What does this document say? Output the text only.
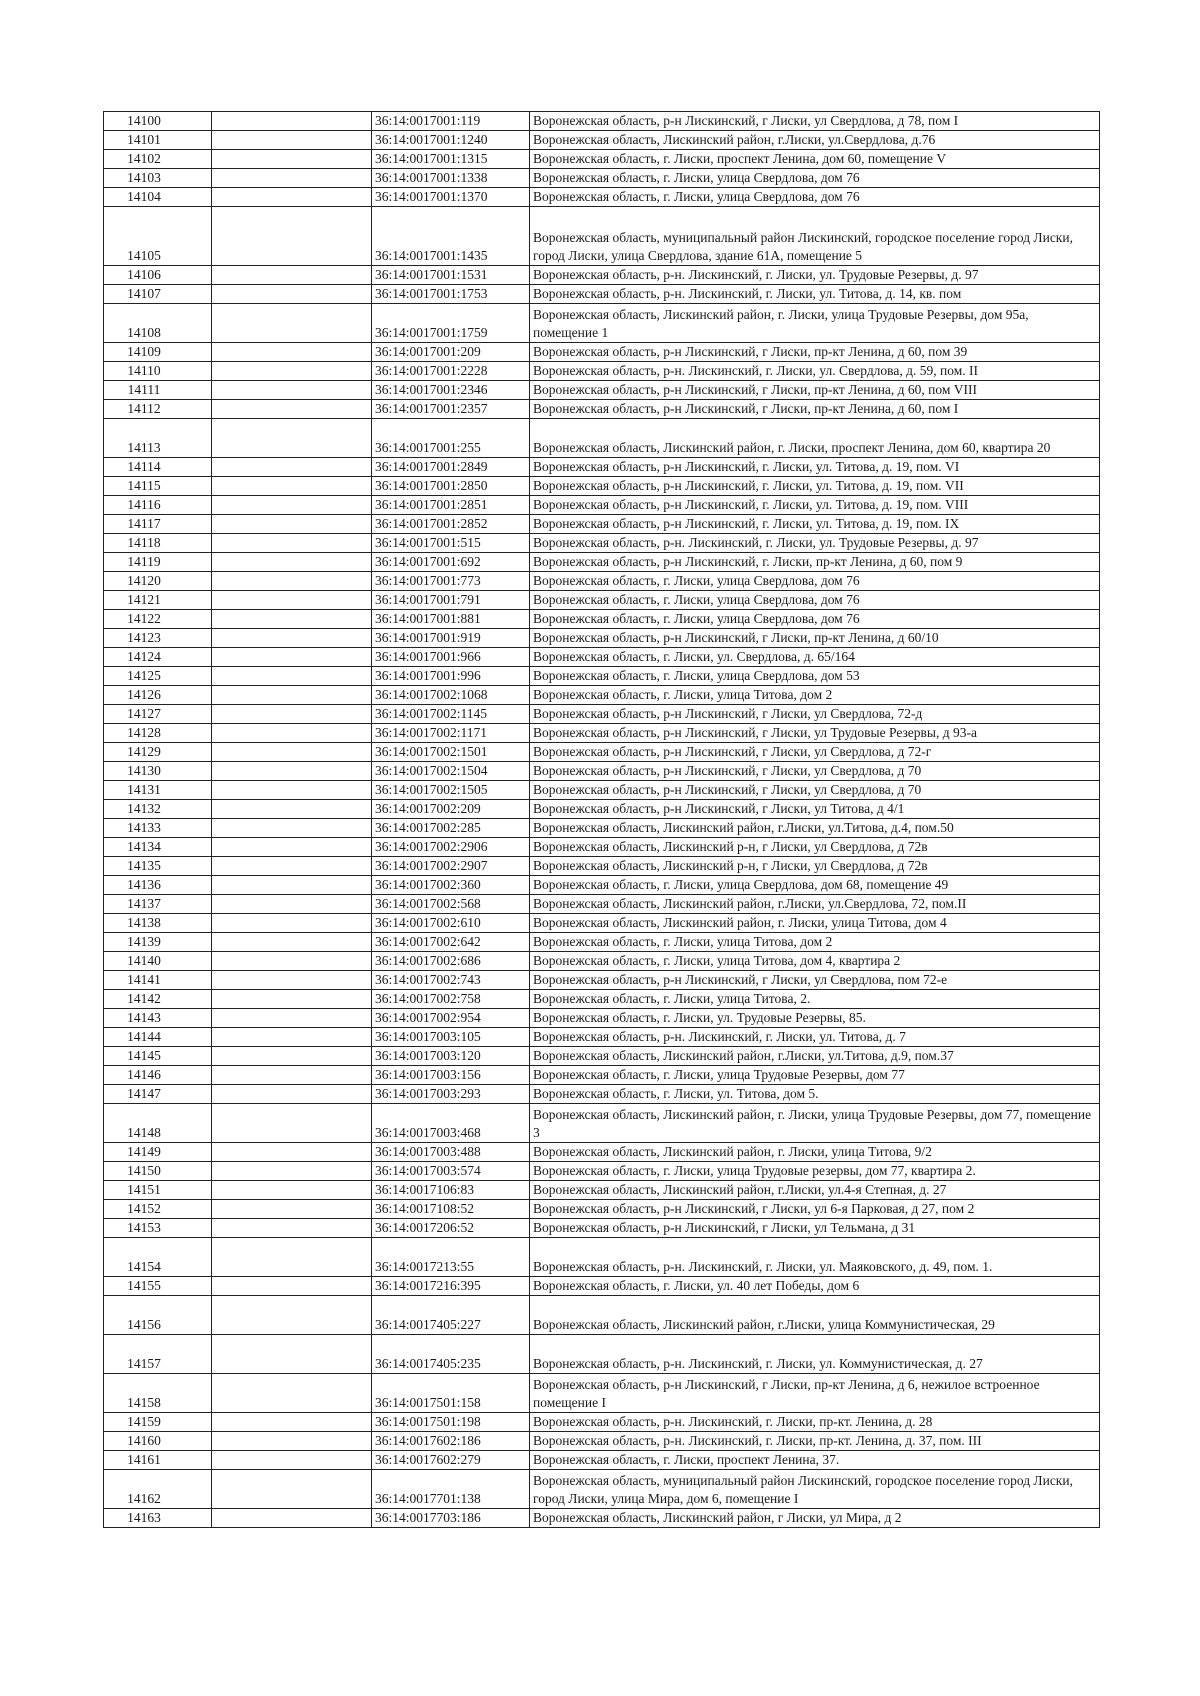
14100		36:14:0017001:119	Воронежская область, р-н Лискинский, г Лиски, ул Свердлова, д 78, пом I
14101		36:14:0017001:1240	Воронежская область, Лискинский район, г.Лиски, ул.Свердлова, д.76
14102		36:14:0017001:1315	Воронежская область, г. Лиски, проспект Ленина, дом 60, помещение V
14103		36:14:0017001:1338	Воронежская область, г. Лиски, улица Свердлова, дом 76
14104		36:14:0017001:1370	Воронежская область, г. Лиски, улица Свердлова, дом 76
14105		36:14:0017001:1435	Воронежская область, муниципальный район Лискинский, городское поселение город Лиски, город Лиски, улица Свердлова, здание 61А, помещение 5
14106		36:14:0017001:1531	Воронежская область, р-н. Лискинский, г. Лиски, ул. Трудовые Резервы, д. 97
14107		36:14:0017001:1753	Воронежская область, р-н. Лискинский, г. Лиски, ул. Титова, д. 14, кв. пом
14108		36:14:0017001:1759	Воронежская область, Лискинский район, г. Лиски, улица Трудовые Резервы, дом 95а, помещение 1
14109		36:14:0017001:209	Воронежская область, р-н Лискинский, г Лиски, пр-кт Ленина, д 60, пом 39
14110		36:14:0017001:2228	Воронежская область, р-н. Лискинский, г. Лиски, ул. Свердлова, д. 59, пом. II
14111		36:14:0017001:2346	Воронежская область, р-н Лискинский, г Лиски, пр-кт Ленина, д 60, пом VIII
14112		36:14:0017001:2357	Воронежская область, р-н Лискинский, г Лиски, пр-кт Ленина, д 60, пом I
14113		36:14:0017001:255	Воронежская область, Лискинский район, г. Лиски, проспект Ленина, дом 60, квартира 20
14114		36:14:0017001:2849	Воронежская область, р-н Лискинский, г. Лиски, ул. Титова, д. 19, пом. VI
14115		36:14:0017001:2850	Воронежская область, р-н Лискинский, г. Лиски, ул. Титова, д. 19, пом. VII
14116		36:14:0017001:2851	Воронежская область, р-н Лискинский, г. Лиски, ул. Титова, д. 19, пом. VIII
14117		36:14:0017001:2852	Воронежская область, р-н Лискинский, г. Лиски, ул. Титова, д. 19, пом. IX
14118		36:14:0017001:515	Воронежская область, р-н. Лискинский, г. Лиски, ул. Трудовые Резервы, д. 97
14119		36:14:0017001:692	Воронежская область, р-н Лискинский, г. Лиски, пр-кт Ленина, д 60, пом 9
14120		36:14:0017001:773	Воронежская область, г. Лиски, улица Свердлова, дом 76
14121		36:14:0017001:791	Воронежская область, г. Лиски, улица Свердлова, дом 76
14122		36:14:0017001:881	Воронежская область, г. Лиски, улица Свердлова, дом 76
14123		36:14:0017001:919	Воронежская область, р-н Лискинский, г Лиски, пр-кт Ленина, д 60/10
14124		36:14:0017001:966	Воронежская область, г. Лиски, ул. Свердлова, д. 65/164
14125		36:14:0017001:996	Воронежская область, г. Лиски, улица Свердлова, дом 53
14126		36:14:0017002:1068	Воронежская область, г. Лиски, улица Титова, дом 2
14127		36:14:0017002:1145	Воронежская область, р-н Лискинский, г Лиски, ул Свердлова, 72-д
14128		36:14:0017002:1171	Воронежская область, р-н Лискинский, г Лиски, ул Трудовые Резервы, д 93-а
14129		36:14:0017002:1501	Воронежская область, р-н Лискинский, г Лиски, ул Свердлова, д 72-г
14130		36:14:0017002:1504	Воронежская область, р-н Лискинский, г Лиски, ул Свердлова, д 70
14131		36:14:0017002:1505	Воронежская область, р-н Лискинский, г Лиски, ул Свердлова, д 70
14132		36:14:0017002:209	Воронежская область, р-н Лискинский, г Лиски, ул Титова, д 4/1
14133		36:14:0017002:285	Воронежская область, Лискинский район, г.Лиски, ул.Титова, д.4, пом.50
14134		36:14:0017002:2906	Воронежская область, Лискинский р-н, г Лиски, ул Свердлова, д 72в
14135		36:14:0017002:2907	Воронежская область, Лискинский р-н, г Лиски, ул Свердлова, д 72в
14136		36:14:0017002:360	Воронежская область, г. Лиски, улица Свердлова, дом 68, помещение 49
14137		36:14:0017002:568	Воронежская область, Лискинский район, г.Лиски, ул.Свердлова, 72, пом.II
14138		36:14:0017002:610	Воронежская область, Лискинский район, г. Лиски, улица Титова, дом 4
14139		36:14:0017002:642	Воронежская область, г. Лиски, улица Титова, дом 2
14140		36:14:0017002:686	Воронежская область, г. Лиски, улица Титова, дом 4, квартира 2
14141		36:14:0017002:743	Воронежская область, р-н Лискинский, г Лиски, ул Свердлова, пом 72-е
14142		36:14:0017002:758	Воронежская область, г. Лиски, улица Титова, 2.
14143		36:14:0017002:954	Воронежская область, г. Лиски, ул. Трудовые Резервы, 85.
14144		36:14:0017003:105	Воронежская область, р-н. Лискинский, г. Лиски, ул. Титова, д. 7
14145		36:14:0017003:120	Воронежская область, Лискинский район, г.Лиски, ул.Титова, д.9, пом.37
14146		36:14:0017003:156	Воронежская область, г. Лиски, улица Трудовые Резервы, дом 77
14147		36:14:0017003:293	Воронежская область, г. Лиски, ул. Титова, дом 5.
14148		36:14:0017003:468	Воронежская область, Лискинский район, г. Лиски, улица Трудовые Резервы, дом 77, помещение 3
14149		36:14:0017003:488	Воронежская область, Лискинский район, г. Лиски, улица Титова, 9/2
14150		36:14:0017003:574	Воронежская область, г. Лиски, улица Трудовые резервы, дом 77, квартира 2.
14151		36:14:0017106:83	Воронежская область, Лискинский район, г.Лиски, ул.4-я Степная, д. 27
14152		36:14:0017108:52	Воронежская область, р-н Лискинский, г Лиски, ул 6-я Парковая, д 27, пом 2
14153		36:14:0017206:52	Воронежская область, р-н Лискинский, г Лиски, ул Тельмана, д 31
14154		36:14:0017213:55	Воронежская область, р-н. Лискинский, г. Лиски, ул. Маяковского, д. 49, пом. 1.
14155		36:14:0017216:395	Воронежская область, г. Лиски, ул. 40 лет Победы, дом 6
14156		36:14:0017405:227	Воронежская область, Лискинский район, г.Лиски, улица Коммунистическая, 29
14157		36:14:0017405:235	Воронежская область, р-н. Лискинский, г. Лиски, ул. Коммунистическая, д. 27
14158		36:14:0017501:158	Воронежская область, р-н Лискинский, г Лиски, пр-кт Ленина, д 6, нежилое встроенное помещение I
14159		36:14:0017501:198	Воронежская область, р-н. Лискинский, г. Лиски, пр-кт. Ленина, д. 28
14160		36:14:0017602:186	Воронежская область, р-н. Лискинский, г. Лиски, пр-кт. Ленина, д. 37, пом. III
14161		36:14:0017602:279	Воронежская область, г. Лиски, проспект Ленина, 37.
14162		36:14:0017701:138	Воронежская область, муниципальный район Лискинский, городское поселение город Лиски, город Лиски, улица Мира, дом 6, помещение I
14163		36:14:0017703:186	Воронежская область, Лискинский район, г Лиски, ул Мира, д 2
